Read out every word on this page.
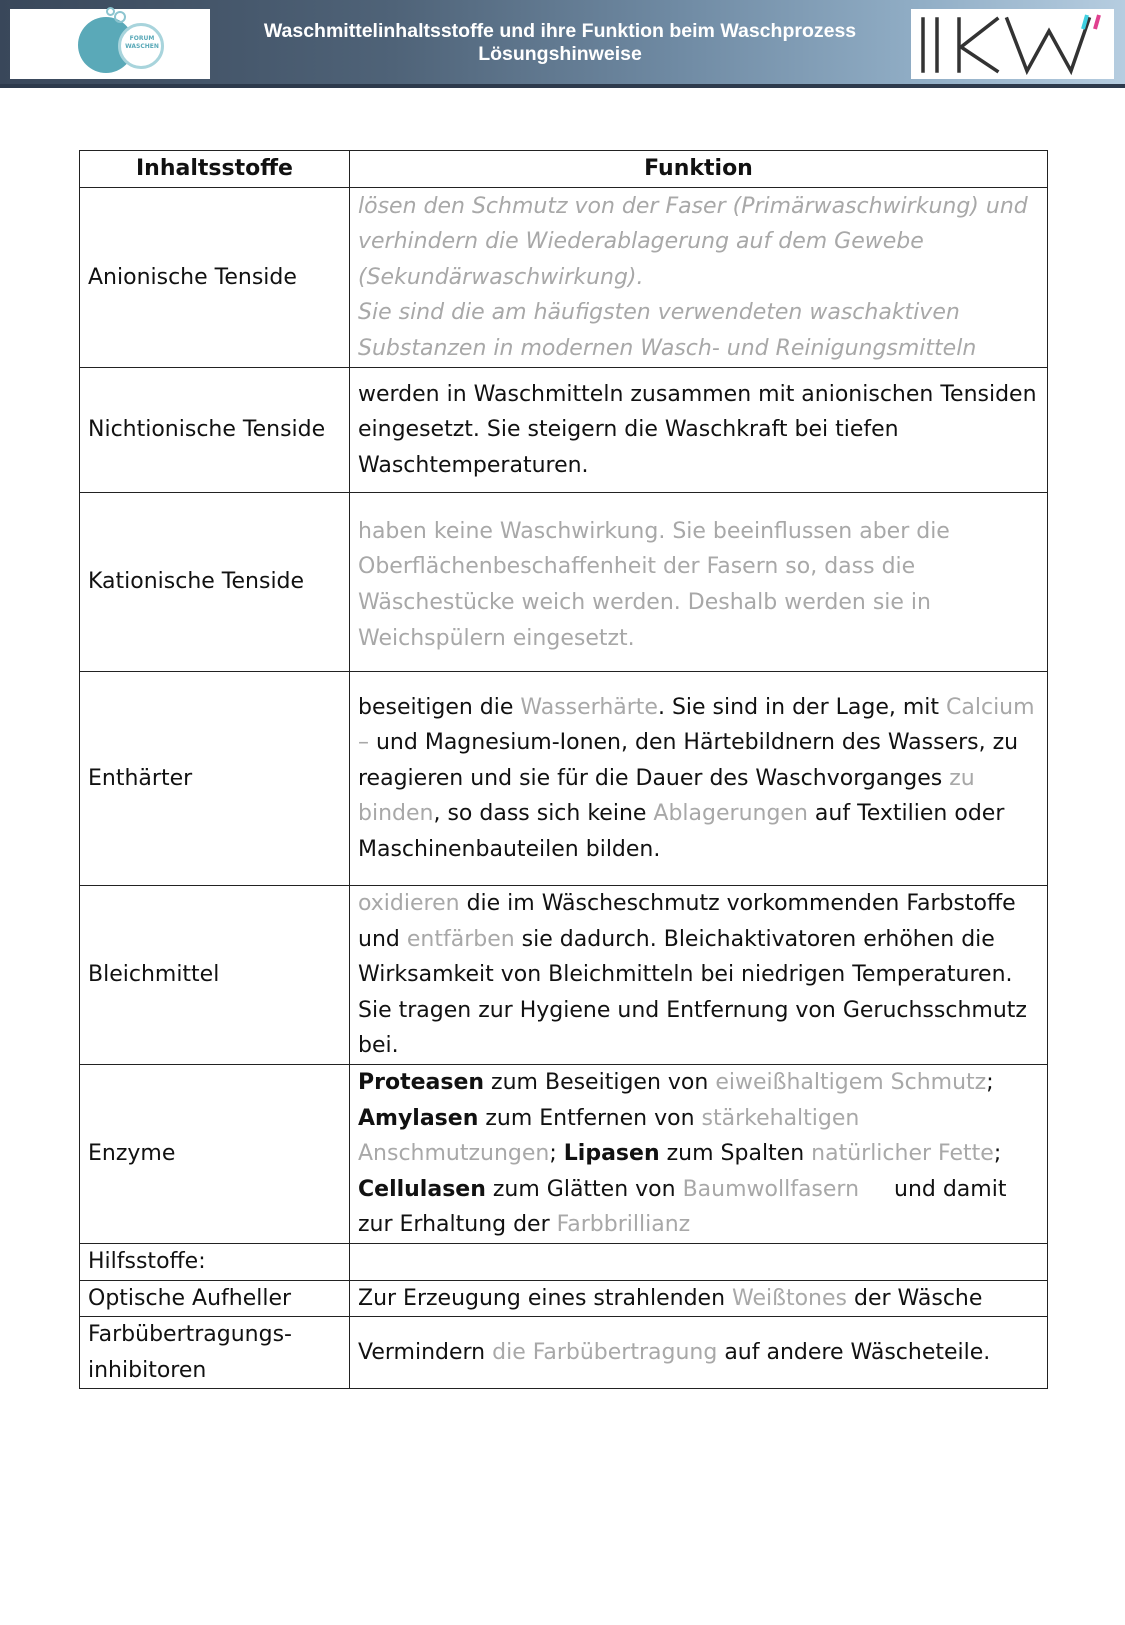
FORUM WASCHEN
Waschmittelinhaltsstoffe und ihre Funktion beim Waschprozess
Lösungshinweise
Inhaltsstoffe	Funktion
Anionische Tenside	lösen den Schmutz von der Faser (Primärwaschwirkung) und verhindern die Wiederablagerung auf dem Gewebe (Sekundärwaschwirkung).
Sie sind die am häufigsten verwendeten waschaktiven Substanzen in modernen Wasch- und Reinigungsmitteln
Nichtionische Tenside	werden in Waschmitteln zusammen mit anionischen Tensiden eingesetzt. Sie steigern die Waschkraft bei tiefen Waschtemperaturen.
Kationische Tenside	haben keine Waschwirkung. Sie beeinflussen aber die Oberflächenbeschaffenheit der Fasern so, dass die Wäschestücke weich werden. Deshalb werden sie in Weichspülern eingesetzt.
Enthärter	beseitigen die Wasserhärte. Sie sind in der Lage, mit Calcium – und Magnesium-Ionen, den Härtebildnern des Wassers, zu reagieren und sie für die Dauer des Waschvorganges zu binden, so dass sich keine Ablagerungen auf Textilien oder Maschinenbauteilen bilden.
Bleichmittel	oxidieren die im Wäscheschmutz vorkommenden Farbstoffe und entfärben sie dadurch. Bleichaktivatoren erhöhen die Wirksamkeit von Bleichmitteln bei niedrigen Temperaturen. Sie tragen zur Hygiene und Entfernung von Geruchsschmutz bei.
Enzyme	Proteasen zum Beseitigen von eiweißhaltigem Schmutz; Amylasen zum Entfernen von stärkehaltigen Anschmutzungen; Lipasen zum Spalten natürlicher Fette; Cellulasen zum Glätten von Baumwollfasern     und damit zur Erhaltung der Farbbrillianz
Hilfsstoffe:	
Optische Aufheller	Zur Erzeugung eines strahlenden Weißtones der Wäsche
Farbübertragungs-
inhibitoren	Vermindern die Farbübertragung auf andere Wäscheteile.
